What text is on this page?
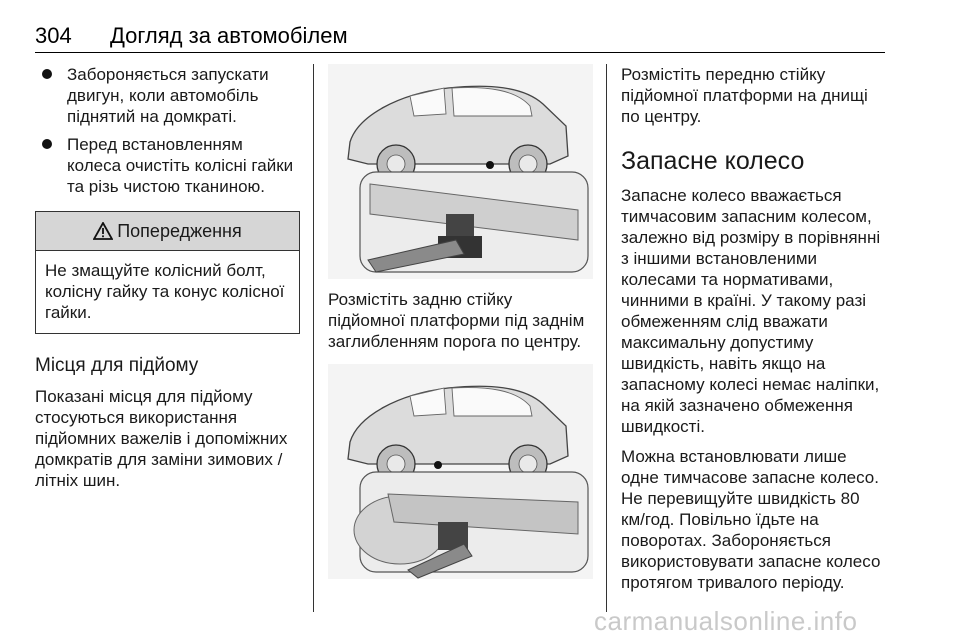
304 Догляд за автомобілем
Забороняється запускати двигун, коли автомобіль піднятий на домкраті.
Перед встановленням колеса очистіть колісні гайки та різь чистою тканиною.
Попередження
Не змащуйте колісний болт, колісну гайку та конус колісної гайки.
Місця для підйому

Показані місця для підйому стосуються використання підйомних важелів і допоміжних домкратів для заміни зимових / літніх шин.

Розмістіть задню стійку підйомної платформи під заднім заглибленням порога по центру.

Розмістіть передню стійку підйомної платформи на днищі по центру.

Запасне колесо

Запасне колесо вважається тимчасовим запасним колесом, залежно від розміру в порівнянні з іншими встановленими колесами та нормативами, чинними в країні. У такому разі обмеженням слід вважати максимальну допустиму швидкість, навіть якщо на запасному колесі немає наліпки, на якій зазначено обмеження швидкості.

Можна встановлювати лише одне тимчасове запасне колесо. Не перевищуйте швидкість 80 км/год. Повільно їдьте на поворотах. Забороняється використовувати запасне колесо протягом тривалого періоду.

carmanualsonline.info
